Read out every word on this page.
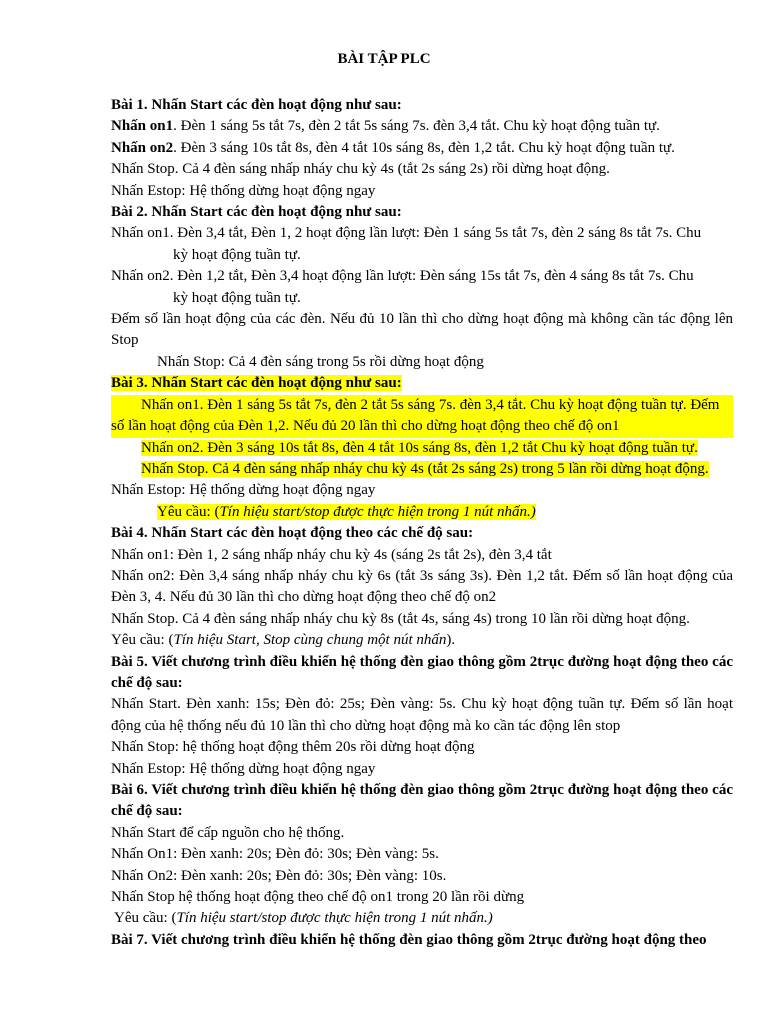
BÀI TẬP PLC

Bài 1. Nhấn Start các đèn hoạt động như sau:

Nhấn on1. Đèn 1 sáng 5s tắt 7s, đèn 2 tắt 5s sáng 7s. đèn 3,4 tắt. Chu kỳ hoạt động tuần tự.

Nhấn on2. Đèn 3 sáng 10s tắt 8s, đèn 4 tắt 10s sáng 8s, đèn 1,2 tắt. Chu kỳ hoạt động tuần tự.

Nhấn Stop. Cả 4 đèn sáng nhấp nháy chu kỳ 4s (tắt 2s sáng 2s) rồi dừng hoạt động.

Nhấn Estop: Hệ thống dừng hoạt động ngay

Bài 2. Nhấn Start các đèn hoạt động như sau:

Nhấn on1. Đèn 3,4 tắt, Đèn 1, 2 hoạt động lần lượt: Đèn 1 sáng 5s tắt 7s, đèn 2 sáng 8s tắt 7s. Chu

kỳ hoạt động tuần tự.

Nhấn on2. Đèn 1,2 tắt, Đèn 3,4 hoạt động lần lượt: Đèn sáng 15s tắt 7s, đèn 4 sáng 8s tắt 7s. Chu

kỳ hoạt động tuần tự.

Đếm số lần hoạt động của các đèn. Nếu đủ 10 lần thì cho dừng hoạt động mà không cần tác động lên Stop

Nhấn Stop: Cả 4 đèn sáng trong 5s rồi dừng hoạt động

Bài 3. Nhấn Start các đèn hoạt động như sau:

Nhấn on1. Đèn 1 sáng 5s tắt 7s, đèn 2 tắt 5s sáng 7s. đèn 3,4 tắt. Chu kỳ hoạt động tuần tự. Đếm

số lần hoạt động của Đèn 1,2. Nếu đủ 20 lần thì cho dừng hoạt động theo chế độ on1

Nhấn on2. Đèn 3 sáng 10s tắt 8s, đèn 4 tắt 10s sáng 8s, đèn 1,2 tắt Chu kỳ hoạt động tuần tự.

Nhấn Stop. Cả 4 đèn sáng nhấp nháy chu kỳ 4s (tắt 2s sáng 2s) trong 5 lần rồi dừng hoạt động.

Nhấn Estop: Hệ thống dừng hoạt động ngay

Yêu cầu: (Tín hiệu start/stop được thực hiện trong 1 nút nhấn.)

Bài 4. Nhấn Start các đèn hoạt động theo các chế độ sau:

Nhấn on1: Đèn 1, 2 sáng nhấp nháy chu kỳ 4s (sáng 2s tắt 2s), đèn 3,4 tắt

Nhấn on2: Đèn 3,4 sáng nhấp nháy chu kỳ 6s (tắt 3s sáng 3s). Đèn 1,2 tắt. Đếm số lần hoạt động của Đèn 3, 4. Nếu đủ 30 lần thì cho dừng hoạt động theo chế độ on2

Nhấn Stop. Cả 4 đèn sáng nhấp nháy chu kỳ 8s (tắt 4s, sáng 4s) trong 10 lần rồi dừng hoạt động.

Yêu cầu: (Tín hiệu Start, Stop cùng chung một nút nhấn).

Bài 5. Viết chương trình điều khiển hệ thống đèn giao thông gồm 2trục đường hoạt động theo các chế độ sau:

Nhấn Start. Đèn xanh: 15s; Đèn đỏ: 25s; Đèn vàng: 5s. Chu kỳ hoạt động tuần tự. Đếm số lần hoạt động của hệ thống nếu đủ 10 lần thì cho dừng hoạt động mà ko cần tác động lên stop

Nhấn Stop: hệ thống hoạt động thêm 20s rồi dừng hoạt động

Nhấn Estop: Hệ thống dừng hoạt động ngay

Bài 6. Viết chương trình điều khiển hệ thống đèn giao thông gồm 2trục đường hoạt động theo các chế độ sau:

Nhấn Start để cấp nguồn cho hệ thống.

Nhấn On1: Đèn xanh: 20s; Đèn đỏ: 30s; Đèn vàng: 5s.

Nhấn On2: Đèn xanh: 20s; Đèn đỏ: 30s; Đèn vàng: 10s.

Nhấn Stop hệ thống hoạt động theo chế độ on1 trong 20 lần rồi dừng

Yêu cầu: (Tín hiệu start/stop được thực hiện trong 1 nút nhấn.)

Bài 7. Viết chương trình điều khiển hệ thống đèn giao thông gồm 2trục đường hoạt động theo
